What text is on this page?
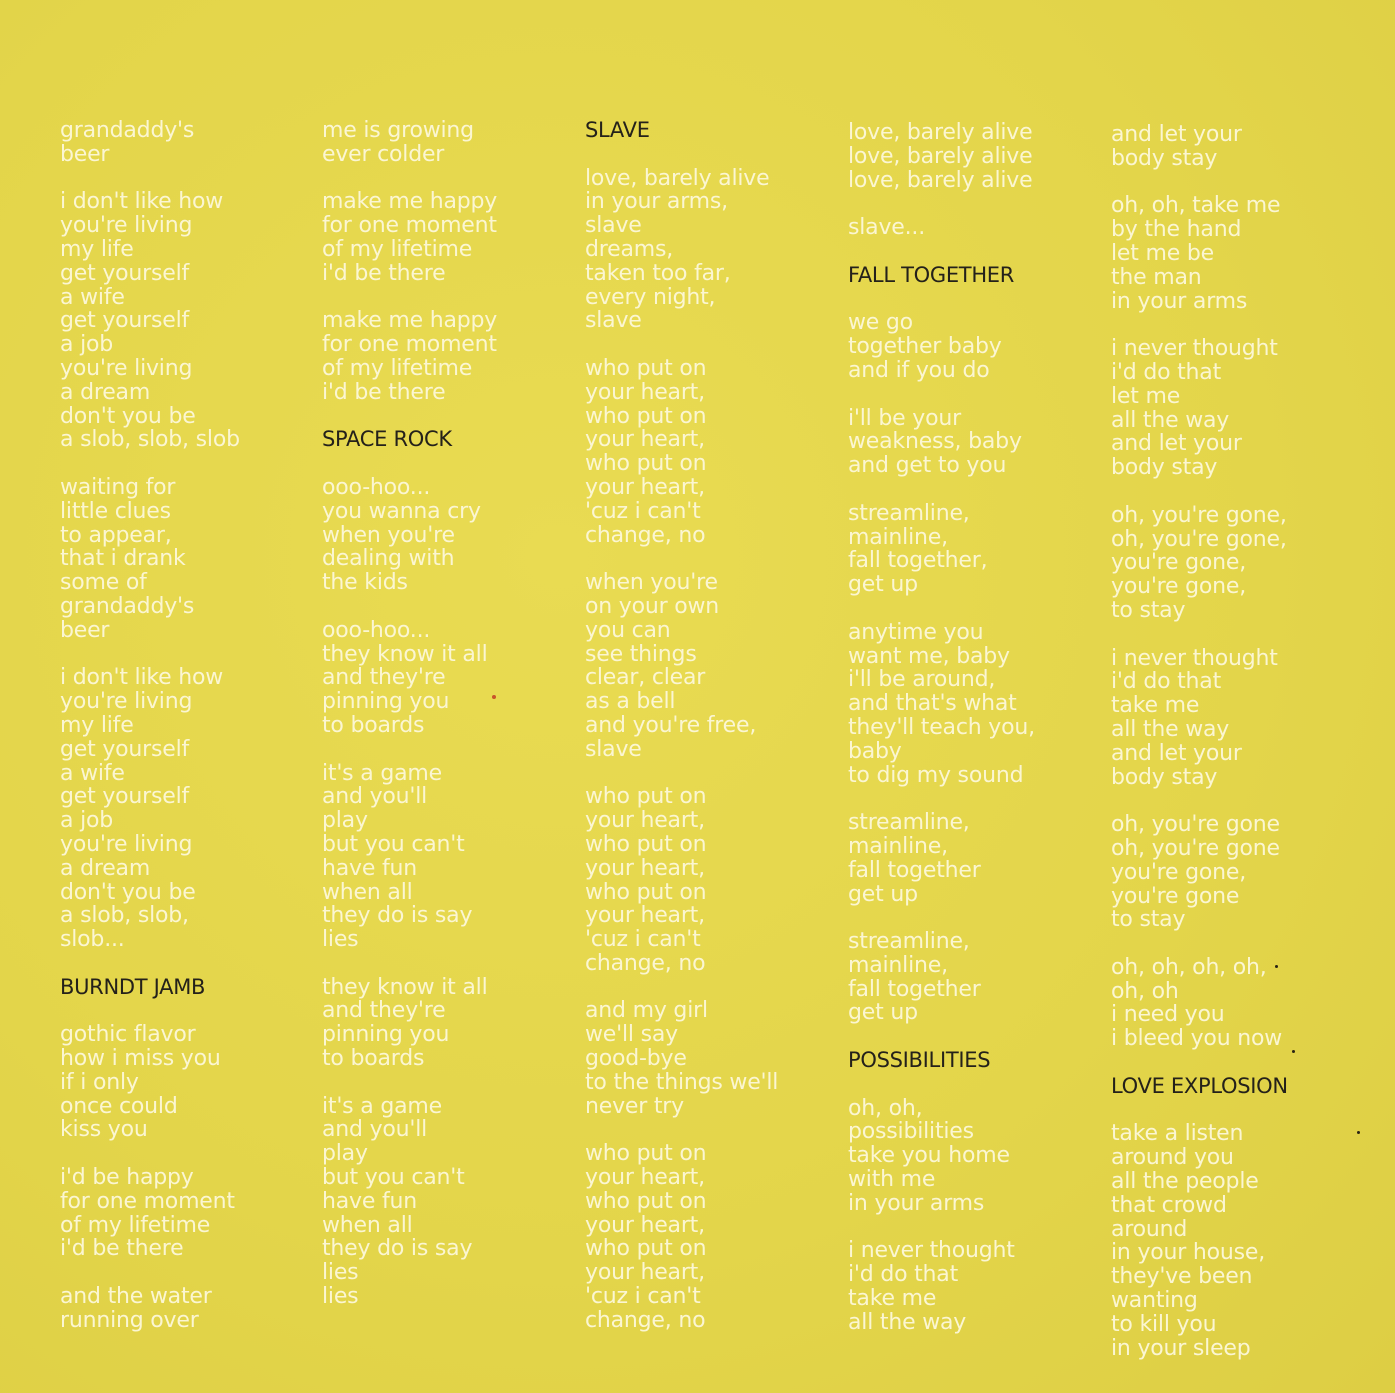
grandaddy's
beer
i don't like how
you're living
my life
get yourself
a wife
get yourself
a job
you're living
a dream
don't you be
a slob, slob, slob
waiting for
little clues
to appear,
that i drank
some of
grandaddy's
beer
i don't like how
you're living
my life
get yourself
a wife
get yourself
a job
you're living
a dream
don't you be
a slob, slob,
slob...
BURNDT JAMB
gothic flavor
how i miss you
if i only
once could
kiss you
i'd be happy
for one moment
of my lifetime
i'd be there
and the water
running over
me is growing
ever colder
make me happy
for one moment
of my lifetime
i'd be there
make me happy
for one moment
of my lifetime
i'd be there
SPACE ROCK
ooo-hoo...
you wanna cry
when you're
dealing with
the kids
ooo-hoo...
they know it all
and they're
pinning you
to boards
it's a game
and you'll
play
but you can't
have fun
when all
they do is say
lies
they know it all
and they're
pinning you
to boards
it's a game
and you'll
play
but you can't
have fun
when all
they do is say
lies
lies
SLAVE
love, barely alive
in your arms,
slave
dreams,
taken too far,
every night,
slave
who put on
your heart,
who put on
your heart,
who put on
your heart,
'cuz i can't
change, no
when you're
on your own
you can
see things
clear, clear
as a bell
and you're free,
slave
who put on
your heart,
who put on
your heart,
who put on
your heart,
'cuz i can't
change, no
and my girl
we'll say
good-bye
to the things we'll
never try
who put on
your heart,
who put on
your heart,
who put on
your heart,
'cuz i can't
change, no
love, barely alive
love, barely alive
love, barely alive
slave...
FALL TOGETHER
we go
together baby
and if you do
i'll be your
weakness, baby
and get to you
streamline,
mainline,
fall together,
get up
anytime you
want me, baby
i'll be around,
and that's what
they'll teach you,
baby
to dig my sound
streamline,
mainline,
fall together
get up
streamline,
mainline,
fall together
get up
POSSIBILITIES
oh, oh,
possibilities
take you home
with me
in your arms
i never thought
i'd do that
take me
all the way
and let your
body stay
oh, oh, take me
by the hand
let me be
the man
in your arms
i never thought
i'd do that
let me
all the way
and let your
body stay
oh, you're gone,
oh, you're gone,
you're gone,
you're gone,
to stay
i never thought
i'd do that
take me
all the way
and let your
body stay
oh, you're gone
oh, you're gone
you're gone,
you're gone
to stay
oh, oh, oh, oh,
oh, oh
i need you
i bleed you now
LOVE EXPLOSION
take a listen
around you
all the people
that crowd
around
in your house,
they've been
wanting
to kill you
in your sleep
